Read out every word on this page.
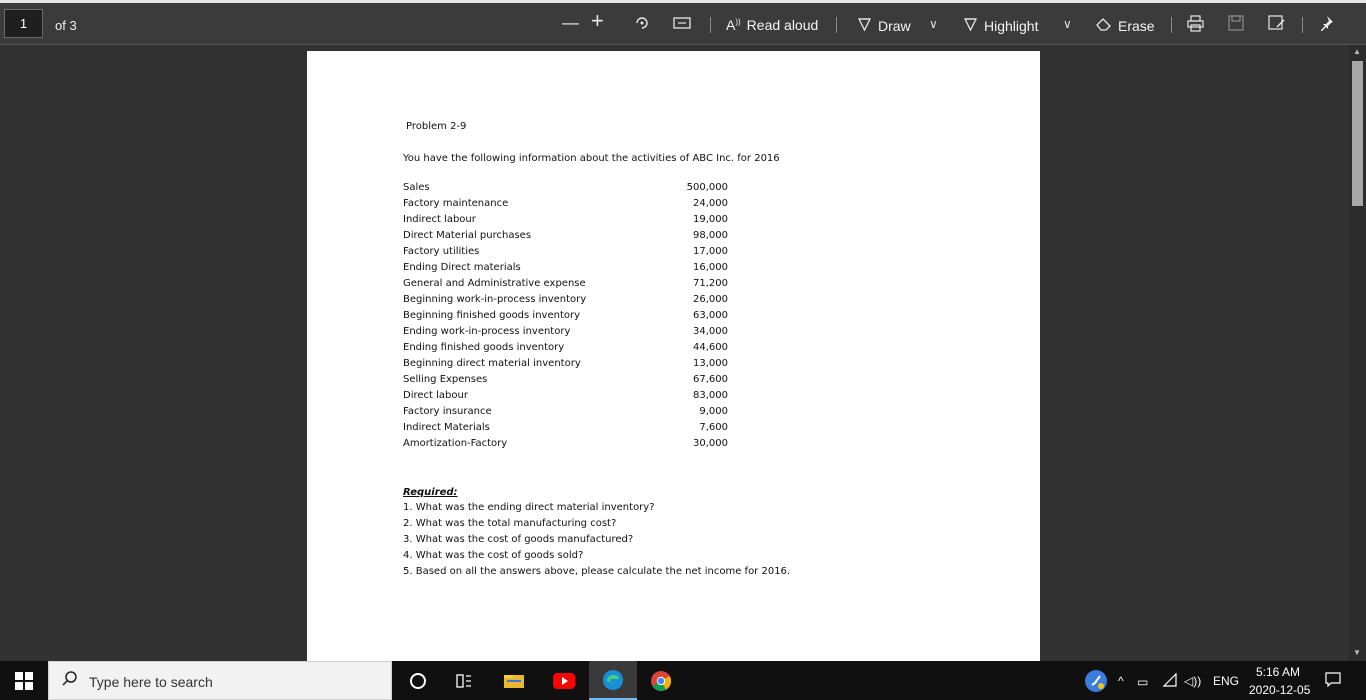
1	of 3	— +	A)) Read aloud	Draw ∨	Highlight ∨	Erase
▲
▼
Problem 2-9
You have the following information about the activities of ABC Inc. for 2016
Sales	500,000
Factory maintenance	24,000
Indirect labour	19,000
Direct Material purchases	98,000
Factory utilities	17,000
Ending Direct materials	16,000
General and Administrative expense	71,200
Beginning work-in-process inventory	26,000
Beginning finished goods inventory	63,000
Ending work-in-process inventory	34,000
Ending finished goods inventory	44,600
Beginning direct material inventory	13,000
Selling Expenses	67,600
Direct labour	83,000
Factory insurance	9,000
Indirect Materials	7,600
Amortization-Factory	30,000
Required:
1. What was the ending direct material inventory?
2. What was the total manufacturing cost?
3. What was the cost of goods manufactured?
4. What was the cost of goods sold?
5. Based on all the answers above, please calculate the net income for 2016.
Type here to search	^ ▭	◁)) ENG
5:16 AM
2020-12-05
